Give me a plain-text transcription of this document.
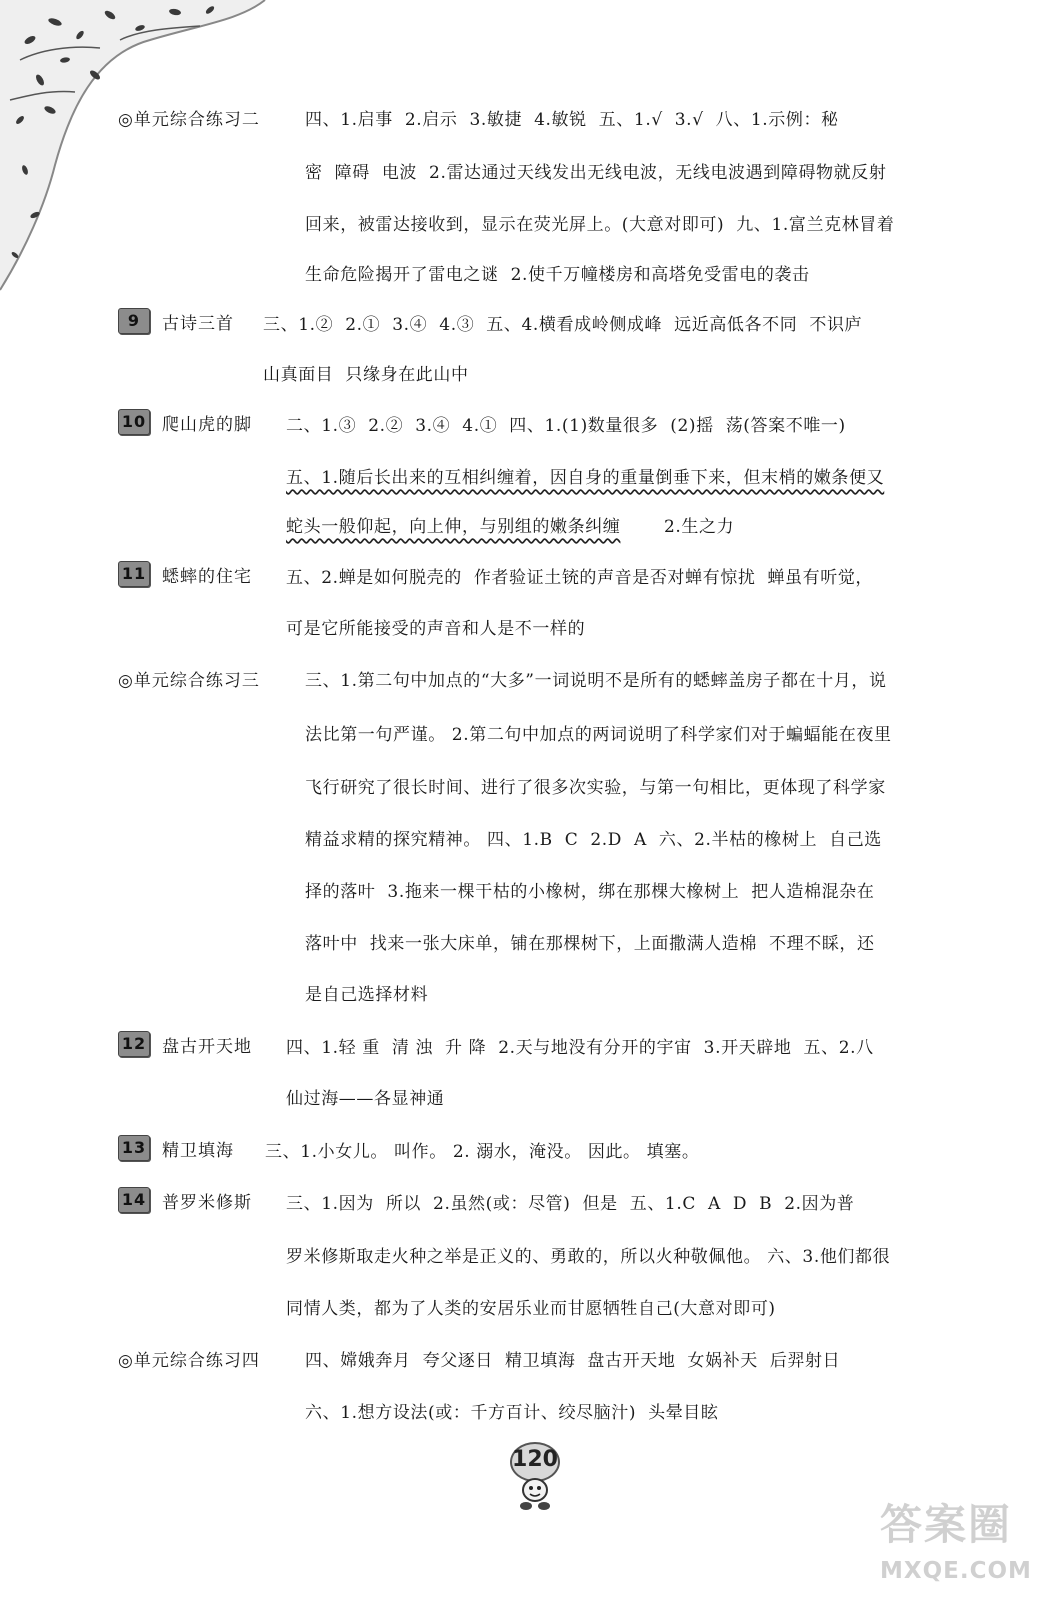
◎单元综合练习二	四、1.启事  2.启示  3.敏捷  4.敏锐  五、1.√  3.√  八、1.示例：秘
密  障碍  电波  2.雷达通过天线发出无线电波，无线电波遇到障碍物就反射
回来，被雷达接收到，显示在荧光屏上。(大意对即可)  九、1.富兰克林冒着
生命危险揭开了雷电之谜  2.使千万幢楼房和高塔免受雷电的袭击
9	古诗三首 三、1.②  2.①  3.④  4.③  五、4.横看成岭侧成峰  远近高低各不同  不识庐
山真面目  只缘身在此山中
10 爬山虎的脚 二、1.③  2.②  3.④  4.①  四、1.(1)数量很多  (2)摇  荡(答案不唯一)
五、1.随后长出来的互相纠缠着，因自身的重量倒垂下来，但末梢的嫩条便又
蛇头一般仰起，向上伸，与别组的嫩条纠缠	2.生之力
11 蟋蟀的住宅 五、2.蝉是如何脱壳的  作者验证土铳的声音是否对蝉有惊扰  蝉虽有听觉，
可是它所能接受的声音和人是不一样的
◎单元综合练习三	三、1.第二句中加点的“大多”一词说明不是所有的蟋蟀盖房子都在十月，说
法比第一句严谨。 2.第二句中加点的两词说明了科学家们对于蝙蝠能在夜里
飞行研究了很长时间、进行了很多次实验，与第一句相比，更体现了科学家
精益求精的探究精神。 四、1.B  C  2.D  A  六、2.半枯的橡树上  自己选
择的落叶  3.拖来一棵干枯的小橡树，绑在那棵大橡树上  把人造棉混杂在
落叶中  找来一张大床单，铺在那棵树下，上面撒满人造棉  不理不睬，还
是自己选择材料
12 盘古开天地 四、1.轻 重  清 浊  升 降  2.天与地没有分开的宇宙  3.开天辟地  五、2.八
仙过海——各显神通
13 精卫填海 三、1.小女儿。 叫作。 2. 溺水，淹没。 因此。 填塞。
14 普罗米修斯 三、1.因为  所以  2.虽然(或：尽管)  但是  五、1.C  A  D  B  2.因为普
罗米修斯取走火种之举是正义的、勇敢的，所以火种敬佩他。 六、3.他们都很
同情人类，都为了人类的安居乐业而甘愿牺牲自己(大意对即可)
◎单元综合练习四	四、嫦娥奔月  夸父逐日  精卫填海  盘古开天地  女娲补天  后羿射日
六、1.想方设法(或：千方百计、绞尽脑汁)  头晕目眩
120
答案圈
MXQE.COM
